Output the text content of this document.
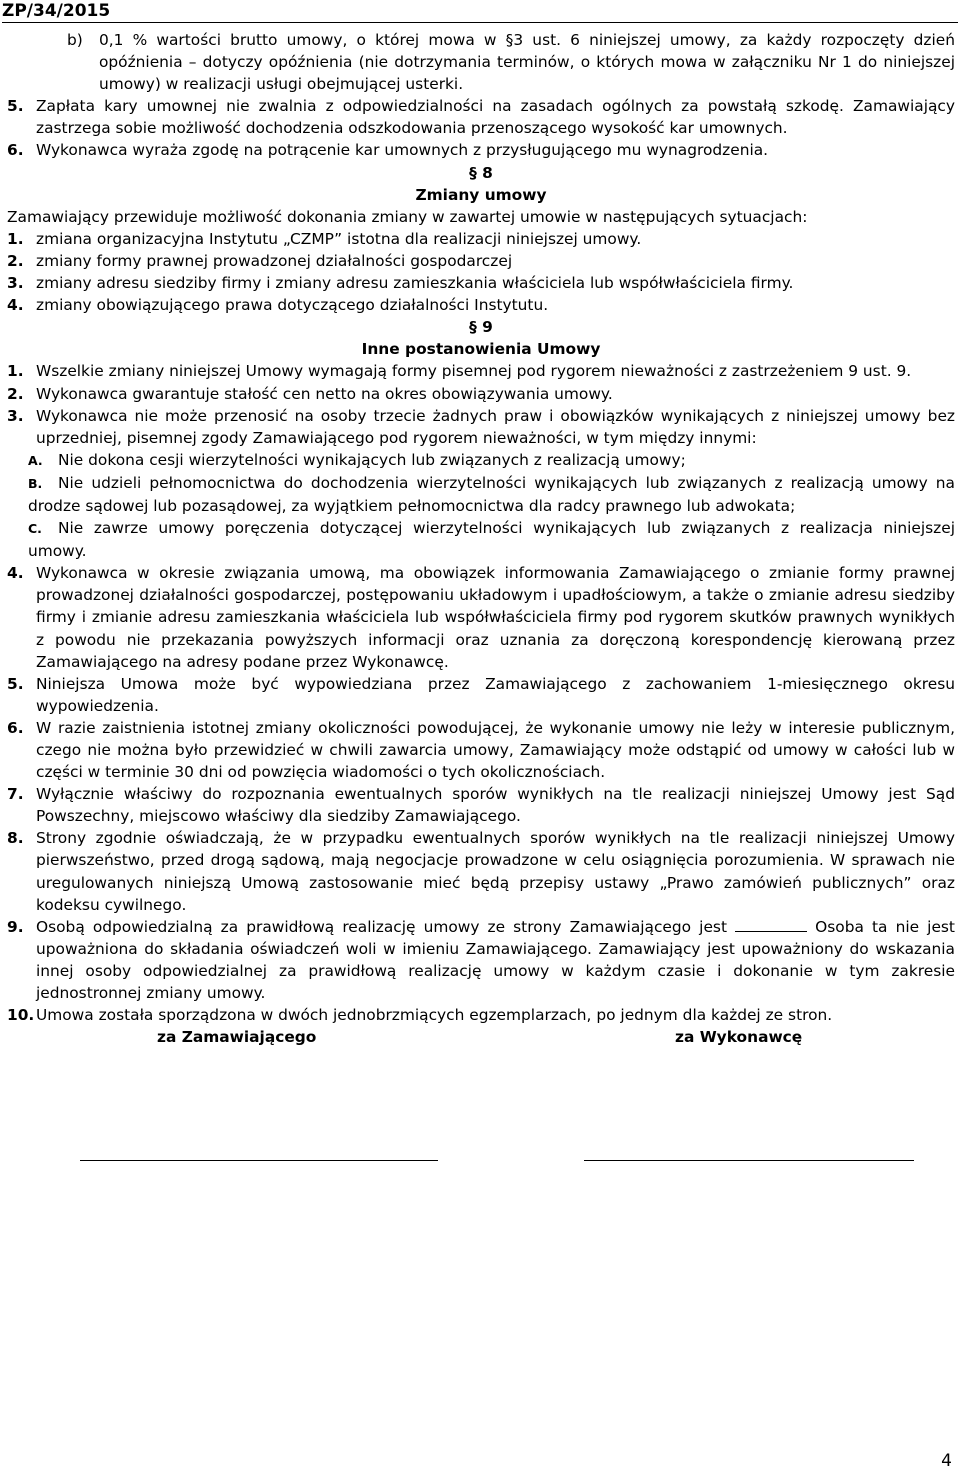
ZP/34/2015
b)	0,1 % wartości brutto umowy, o której mowa w §3 ust. 6 niniejszej umowy, za każdy rozpoczęty dzień opóźnienia – dotyczy opóźnienia (nie dotrzymania terminów, o których mowa w załączniku Nr 1 do niniejszej umowy) w realizacji usługi obejmującej usterki.
5. Zapłata kary umownej nie zwalnia z odpowiedzialności na zasadach ogólnych za powstałą szkodę. Zamawiający zastrzega sobie możliwość dochodzenia odszkodowania przenoszącego wysokość kar umownych.
6. Wykonawca wyraża zgodę na potrącenie kar umownych z przysługującego mu wynagrodzenia.
§ 8
Zmiany umowy
Zamawiający przewiduje możliwość dokonania zmiany w zawartej umowie w następujących sytuacjach:
1. zmiana organizacyjna Instytutu „CZMP” istotna dla realizacji niniejszej umowy.
2. zmiany formy prawnej prowadzonej działalności gospodarczej
3. zmiany adresu siedziby firmy i zmiany adresu zamieszkania właściciela lub współwłaściciela firmy.
4. zmiany obowiązującego prawa dotyczącego działalności Instytutu.
§ 9
Inne postanowienia Umowy
1. Wszelkie zmiany niniejszej Umowy wymagają formy pisemnej pod rygorem nieważności z zastrzeżeniem 9 ust. 9.
2. Wykonawca gwarantuje stałość cen netto na okres obowiązywania umowy.
3. Wykonawca nie może przenosić na osoby trzecie żadnych praw i obowiązków wynikających z niniejszej umowy bez uprzedniej, pisemnej zgody Zamawiającego pod rygorem nieważności, w tym między innymi:
A. Nie dokona cesji wierzytelności wynikających lub związanych z realizacją umowy;
B. Nie udzieli pełnomocnictwa do dochodzenia wierzytelności wynikających lub związanych z realizacją umowy na drodze sądowej lub pozasądowej, za wyjątkiem pełnomocnictwa dla radcy prawnego lub adwokata;
C. Nie zawrze umowy poręczenia dotyczącej wierzytelności wynikających lub związanych z realizacja niniejszej umowy.
4. Wykonawca w okresie związania umową, ma obowiązek informowania Zamawiającego o zmianie formy prawnej prowadzonej działalności gospodarczej, postępowaniu układowym i upadłościowym, a także o zmianie adresu siedziby firmy i zmianie adresu zamieszkania właściciela lub współwłaściciela firmy pod rygorem skutków prawnych wynikłych z powodu nie przekazania powyższych informacji oraz uznania za doręczoną korespondencję kierowaną przez Zamawiającego na adresy podane przez Wykonawcę.
5. Niniejsza Umowa może być wypowiedziana przez Zamawiającego z zachowaniem 1-miesięcznego okresu wypowiedzenia.
6. W razie zaistnienia istotnej zmiany okoliczności powodującej, że wykonanie umowy nie leży w interesie publicznym, czego nie można było przewidzieć w chwili zawarcia umowy, Zamawiający może odstąpić od umowy w całości lub w części w terminie 30 dni od powzięcia wiadomości o tych okolicznościach.
7. Wyłącznie właściwy do rozpoznania ewentualnych sporów wynikłych na tle realizacji niniejszej Umowy jest Sąd Powszechny, miejscowo właściwy dla siedziby Zamawiającego.
8. Strony zgodnie oświadczają, że w przypadku ewentualnych sporów wynikłych na tle realizacji niniejszej Umowy pierwszeństwo, przed drogą sądową, mają negocjacje prowadzone w celu osiągnięcia porozumienia. W sprawach nie uregulowanych niniejszą Umową zastosowanie mieć będą przepisy ustawy „Prawo zamówień publicznych” oraz kodeksu cywilnego.
9. Osobą odpowiedzialną za prawidłową realizację umowy ze strony Zamawiającego jest	Osoba ta nie jest upoważniona do składania oświadczeń woli w imieniu Zamawiającego. Zamawiający jest upoważniony do wskazania innej osoby odpowiedzialnej za prawidłową realizację umowy w każdym czasie i dokonanie w tym zakresie jednostronnej zmiany umowy.
10. Umowa została sporządzona w dwóch jednobrzmiących egzemplarzach, po jednym dla każdej ze stron.
za Zamawiającego	za Wykonawcę
4
